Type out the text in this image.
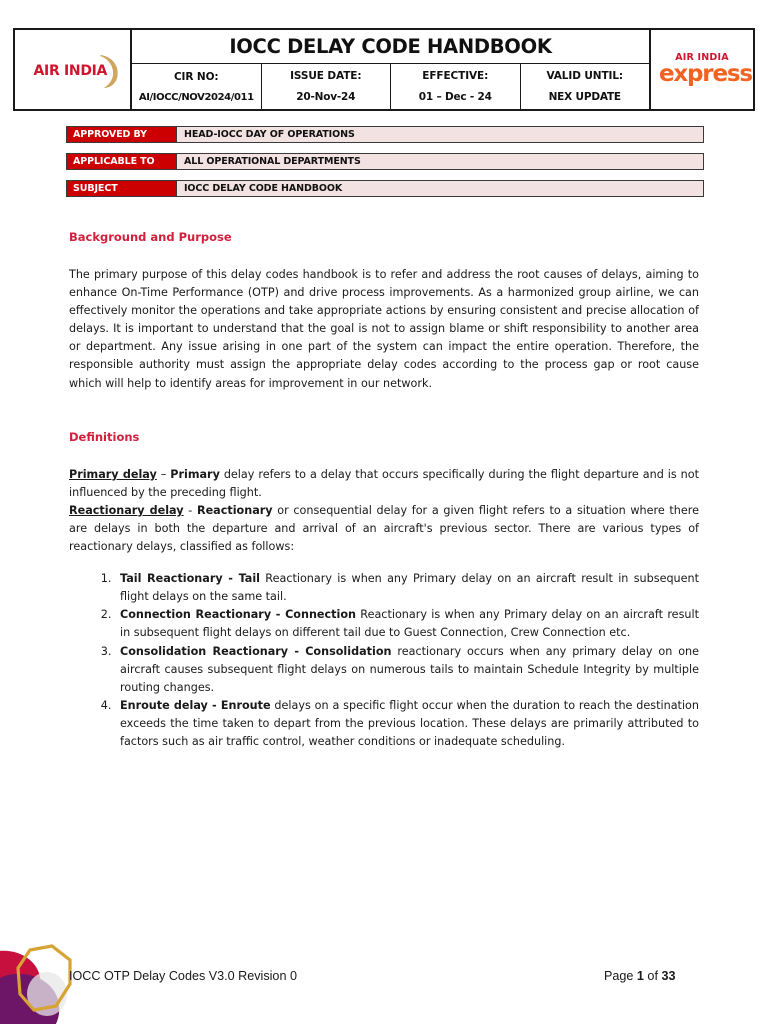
AIR INDIA
IOCC DELAY CODE HANDBOOK
CIR NO:
AI/IOCC/NOV2024/011
ISSUE DATE:
20-Nov-24
EFFECTIVE:
01 – Dec - 24
VALID UNTIL:
NEX UPDATE
AIR INDIA
express
APPROVED BY	HEAD-IOCC DAY OF OPERATIONS
APPLICABLE TO	ALL OPERATIONAL DEPARTMENTS
SUBJECT	IOCC DELAY CODE HANDBOOK
Background and Purpose

The primary purpose of this delay codes handbook is to refer and address the root causes of delays, aiming to enhance On-Time Performance (OTP) and drive process improvements. As a harmonized group airline, we can effectively monitor the operations and take appropriate actions by ensuring consistent and precise allocation of delays. It is important to understand that the goal is not to assign blame or shift responsibility to another area or department. Any issue arising in one part of the system can impact the entire operation. Therefore, the responsible authority must assign the appropriate delay codes according to the process gap or root cause which will help to identify areas for improvement in our network.

Definitions

Primary delay – Primary delay refers to a delay that occurs specifically during the flight departure and is not influenced by the preceding flight.

Reactionary delay - Reactionary or consequential delay for a given flight refers to a situation where there are delays in both the departure and arrival of an aircraft's previous sector. There are various types of reactionary delays, classified as follows:

1. Tail Reactionary - Tail Reactionary is when any Primary delay on an aircraft result in subsequent flight delays on the same tail.
2. Connection Reactionary - Connection Reactionary is when any Primary delay on an aircraft result in subsequent flight delays on different tail due to Guest Connection, Crew Connection etc.
3. Consolidation Reactionary - Consolidation reactionary occurs when any primary delay on one aircraft causes subsequent flight delays on numerous tails to maintain Schedule Integrity by multiple routing changes.
4. Enroute delay - Enroute delays on a specific flight occur when the duration to reach the destination exceeds the time taken to depart from the previous location. These delays are primarily attributed to factors such as air traffic control, weather conditions or inadequate scheduling.
IOCC OTP Delay Codes V3.0 Revision 0	Page 1 of 33
